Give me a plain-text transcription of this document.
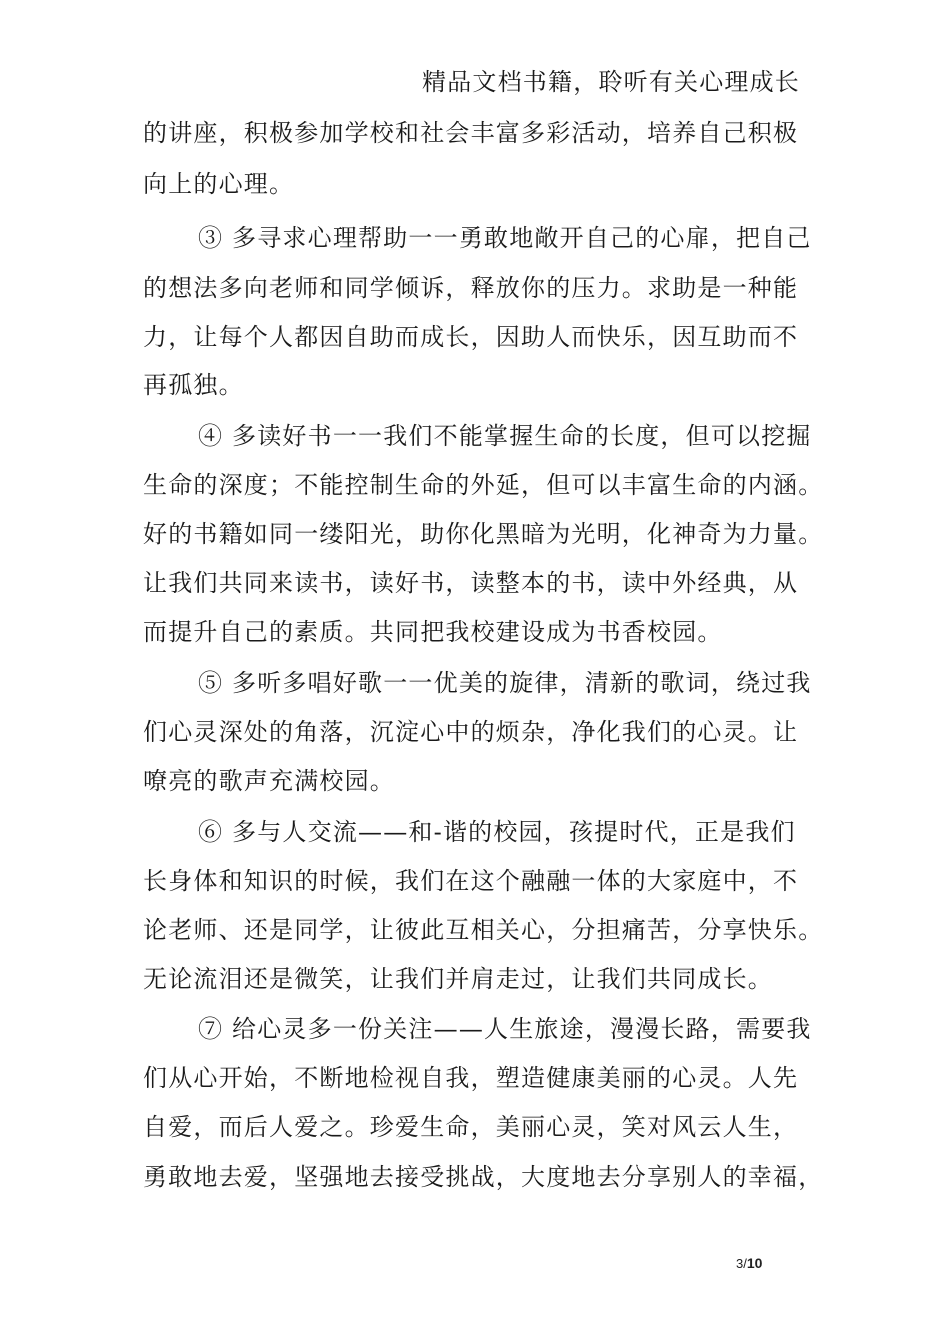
精品文档书籍，聆听有关心理成长
的讲座，积极参加学校和社会丰富多彩活动，培养自己积极
向上的心理。
③ 多寻求心理帮助一一勇敢地敞开自己的心扉，把自己
的想法多向老师和同学倾诉，释放你的压力。求助是一种能
力，让每个人都因自助而成长，因助人而快乐，因互助而不
再孤独。
④ 多读好书一一我们不能掌握生命的长度，但可以挖掘
生命的深度；不能控制生命的外延，但可以丰富生命的内涵。
好的书籍如同一缕阳光，助你化黑暗为光明，化神奇为力量。
让我们共同来读书，读好书，读整本的书，读中外经典，从
而提升自己的素质。共同把我校建设成为书香校园。
⑤ 多听多唱好歌一一优美的旋律，清新的歌词，绕过我
们心灵深处的角落，沉淀心中的烦杂，净化我们的心灵。让
嘹亮的歌声充满校园。
⑥ 多与人交流——和-谐的校园，孩提时代，正是我们
长身体和知识的时候，我们在这个融融一体的大家庭中，不
论老师、还是同学，让彼此互相关心，分担痛苦，分享快乐。
无论流泪还是微笑，让我们并肩走过，让我们共同成长。
⑦ 给心灵多一份关注——人生旅途，漫漫长路，需要我
们从心开始，不断地检视自我，塑造健康美丽的心灵。人先
自爱，而后人爱之。珍爱生命，美丽心灵，笑对风云人生，
勇敢地去爱，坚强地去接受挑战，大度地去分享别人的幸福，
3/10
